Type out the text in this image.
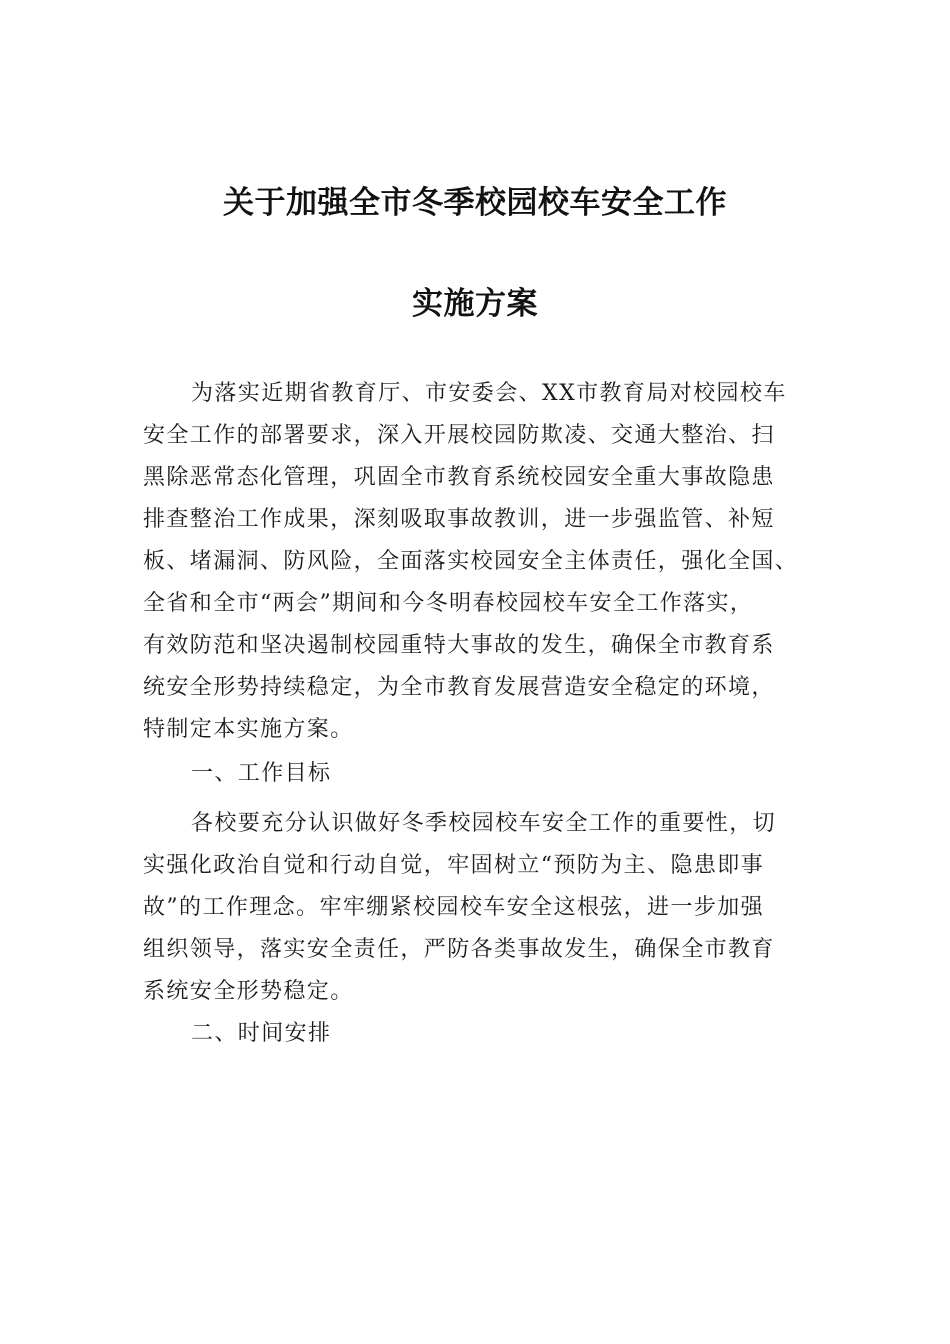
关于加强全市冬季校园校车安全工作
实施方案
为落实近期省教育厅、市安委会、XX市教育局对校园校车
安全工作的部署要求，深入开展校园防欺凌、交通大整治、扫
黑除恶常态化管理，巩固全市教育系统校园安全重大事故隐患
排查整治工作成果，深刻吸取事故教训，进一步强监管、补短
板、堵漏洞、防风险，全面落实校园安全主体责任，强化全国、
全省和全市“两会”期间和今冬明春校园校车安全工作落实，
有效防范和坚决遏制校园重特大事故的发生，确保全市教育系
统安全形势持续稳定，为全市教育发展营造安全稳定的环境，
特制定本实施方案。
一、工作目标
各校要充分认识做好冬季校园校车安全工作的重要性，切
实强化政治自觉和行动自觉，牢固树立“预防为主、隐患即事
故”的工作理念。牢牢绷紧校园校车安全这根弦，进一步加强
组织领导，落实安全责任，严防各类事故发生，确保全市教育
系统安全形势稳定。
二、时间安排
